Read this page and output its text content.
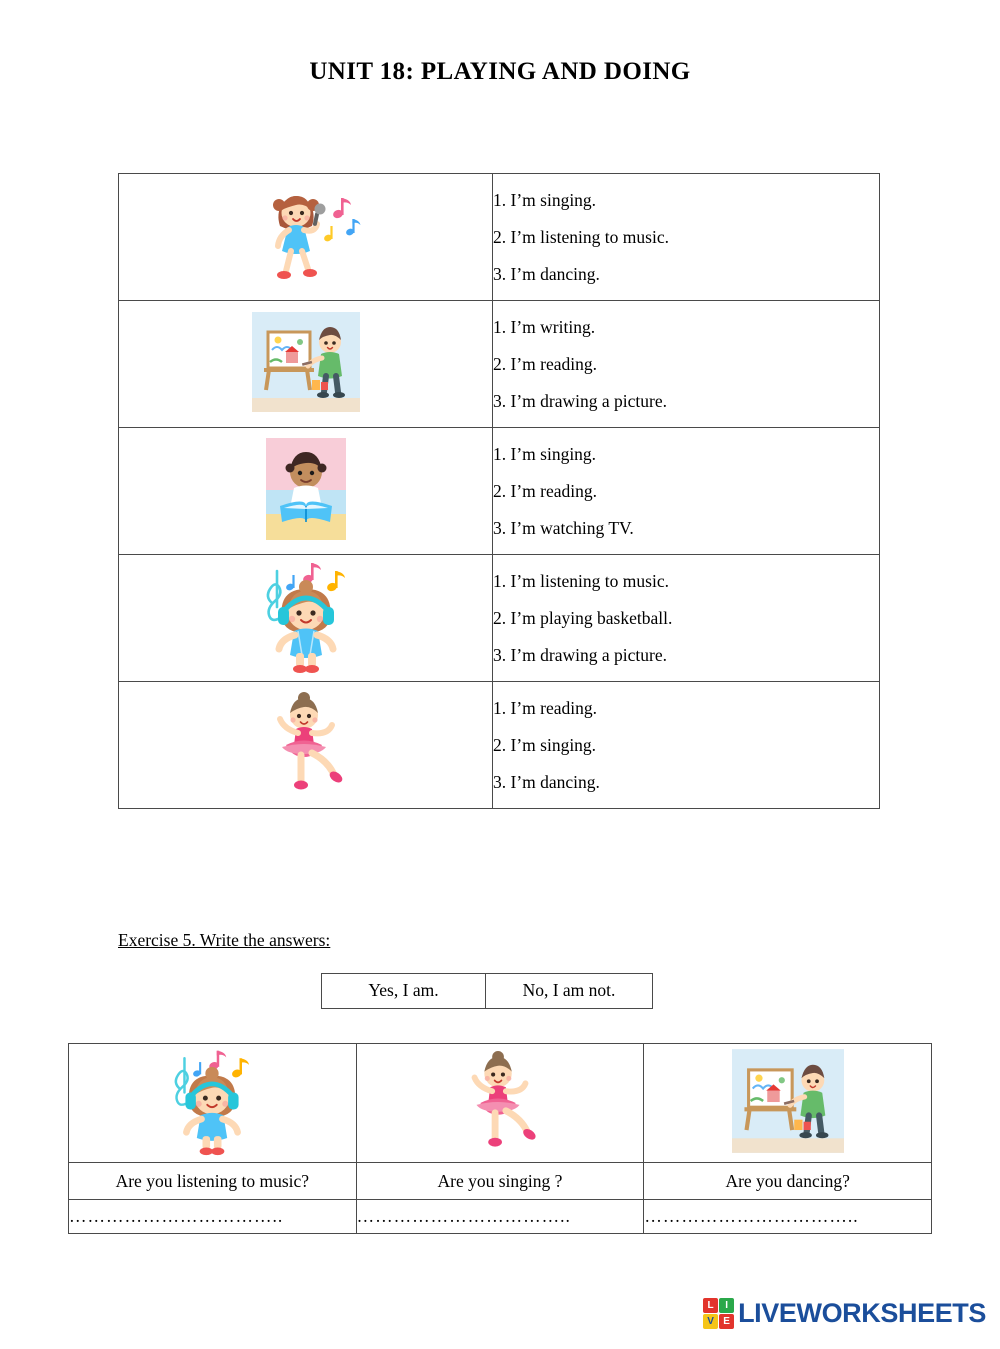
UNIT 18: PLAYING AND DOING

1. I’m singing.

2. I’m listening to music.

3. I’m dancing.

1. I’m writing.

2. I’m reading.

3. I’m drawing a picture.

1. I’m singing.

2. I’m reading.

3. I’m watching TV.

1. I’m listening to music.

2. I’m playing basketball.

3. I’m drawing a picture.

1. I’m reading.

2. I’m singing.

3. I’m dancing.

Exercise 5. Write the answers:
Yes, I am.	No, I am not.

Are you listening to music?	Are you singing ?	Are you dancing?
……………………………..	……………………………..	……………………………..
L	I
V E LIVEWORKSHEETS
